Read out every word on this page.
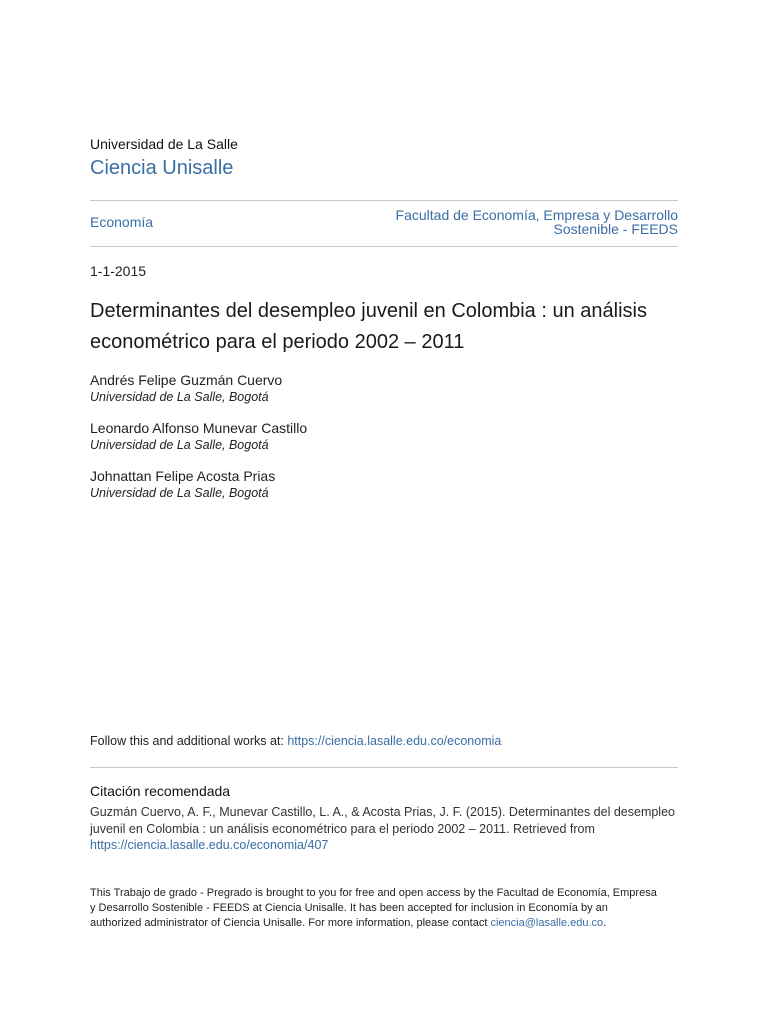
Universidad de La Salle
Ciencia Unisalle
Economía	Facultad de Economía, Empresa y Desarrollo
Sostenible - FEEDS
1-1-2015
Determinantes del desempleo juvenil en Colombia : un análisis
econométrico para el periodo 2002 – 2011
Andrés Felipe Guzmán Cuervo
Universidad de La Salle, Bogotá
Leonardo Alfonso Munevar Castillo
Universidad de La Salle, Bogotá
Johnattan Felipe Acosta Prias
Universidad de La Salle, Bogotá
Follow this and additional works at: https://ciencia.lasalle.edu.co/economia
Citación recomendada
Guzmán Cuervo, A. F., Munevar Castillo, L. A., & Acosta Prias, J. F. (2015). Determinantes del desempleo
juvenil en Colombia : un análisis econométrico para el periodo 2002 – 2011. Retrieved from
https://ciencia.lasalle.edu.co/economia/407
This Trabajo de grado - Pregrado is brought to you for free and open access by the Facultad de Economía, Empresa
y Desarrollo Sostenible - FEEDS at Ciencia Unisalle. It has been accepted for inclusion in Economía by an
authorized administrator of Ciencia Unisalle. For more information, please contact ciencia@lasalle.edu.co.
